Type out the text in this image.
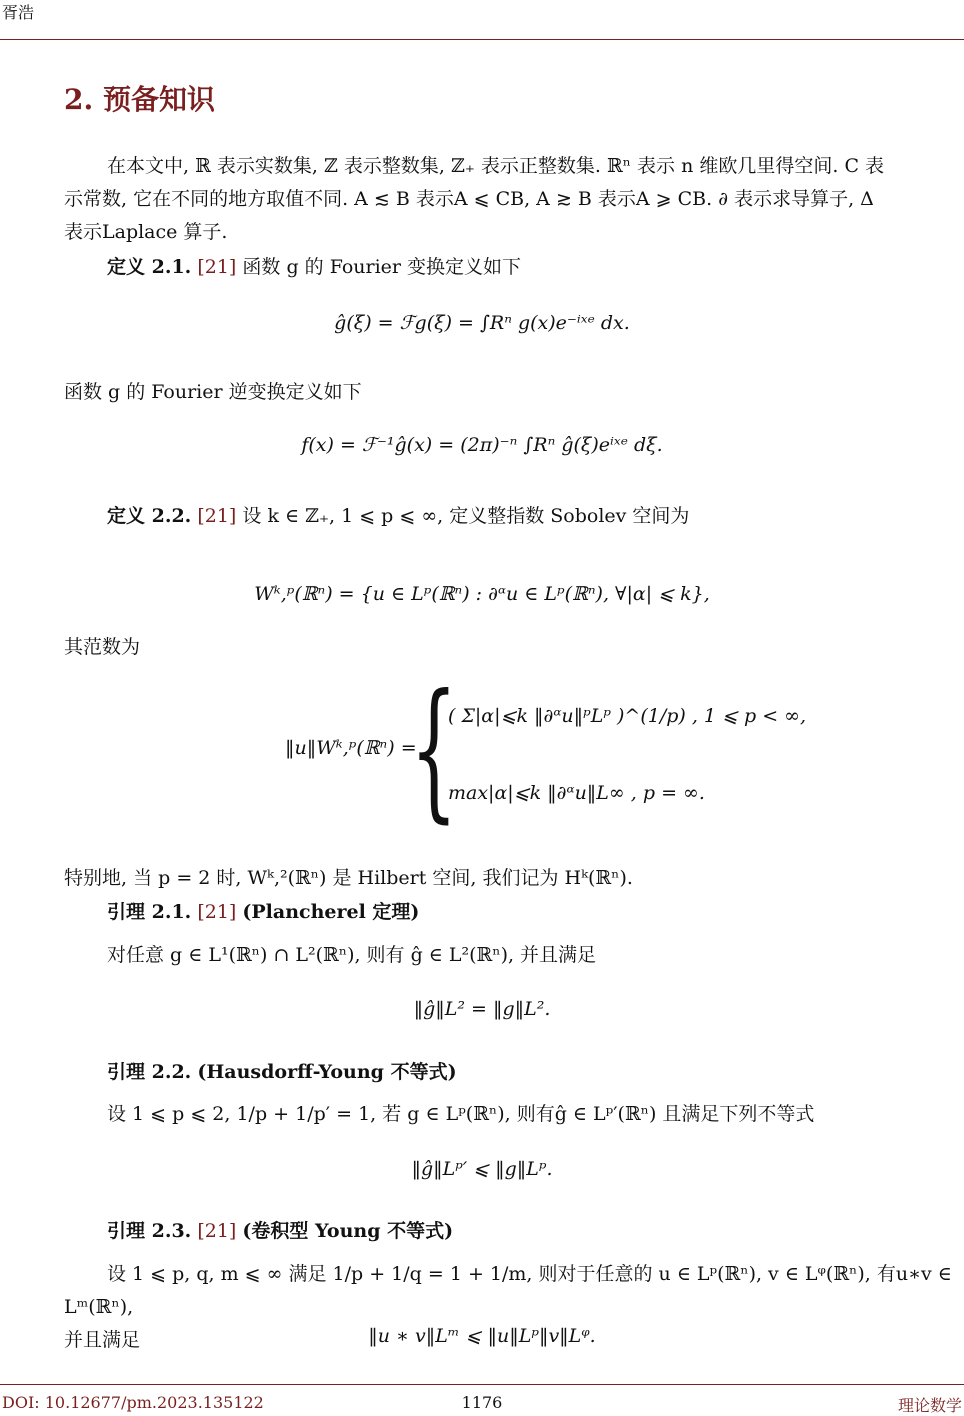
胥浩
2. 预备知识
在本文中, ℝ 表示实数集, ℤ 表示整数集, ℤ₊ 表示正整数集. ℝⁿ 表示 n 维欧几里得空间. C 表
示常数, 它在不同的地方取值不同. A ≲ B 表示A ⩽ CB, A ≳ B 表示A ⩾ CB. ∂ 表示求导算子, Δ
表示Laplace 算子.
定义 2.1. [21] 函数 g 的 Fourier 变换定义如下
ĝ(ξ) = ℱg(ξ) = ∫Rⁿ g(x)e⁻ⁱˣᵉ dx.
函数 g 的 Fourier 逆变换定义如下
f(x) = ℱ⁻¹ĝ(x) = (2π)⁻ⁿ ∫Rⁿ ĝ(ξ)eⁱˣᵉ dξ.
定义 2.2. [21] 设 k ∈ ℤ₊, 1 ⩽ p ⩽ ∞, 定义整指数 Sobolev 空间为
Wᵏ,ᵖ(ℝⁿ) = {u ∈ Lᵖ(ℝⁿ) : ∂ᵅu ∈ Lᵖ(ℝⁿ), ∀|α| ⩽ k},
其范数为
‖u‖Wᵏ,ᵖ(ℝⁿ) =
{
( Σ|α|⩽k ‖∂ᵅu‖ᵖLᵖ )^(1/p) , 1 ⩽ p < ∞,
max|α|⩽k ‖∂ᵅu‖L∞ , p = ∞.
特别地, 当 p = 2 时, Wᵏ,²(ℝⁿ) 是 Hilbert 空间, 我们记为 Hᵏ(ℝⁿ).
引理 2.1. [21] (Plancherel 定理)
对任意 g ∈ L¹(ℝⁿ) ∩ L²(ℝⁿ), 则有 ĝ ∈ L²(ℝⁿ), 并且满足
‖ĝ‖L² = ‖g‖L².
引理 2.2. (Hausdorff-Young 不等式)
设 1 ⩽ p ⩽ 2, 1/p + 1/p′ = 1, 若 g ∈ Lᵖ(ℝⁿ), 则有ĝ ∈ Lᵖ′(ℝⁿ) 且满足下列不等式
‖ĝ‖Lᵖ′ ⩽ ‖g‖Lᵖ.
引理 2.3. [21] (卷积型 Young 不等式)
设 1 ⩽ p, q, m ⩽ ∞ 满足 1/p + 1/q = 1 + 1/m, 则对于任意的 u ∈ Lᵖ(ℝⁿ), v ∈ Lᵠ(ℝⁿ), 有u∗v ∈ Lᵐ(ℝⁿ),
并且满足	‖u ∗ v‖Lᵐ ⩽ ‖u‖Lᵖ‖v‖Lᵠ.
DOI: 10.12677/pm.2023.135122	1176	理论数学
